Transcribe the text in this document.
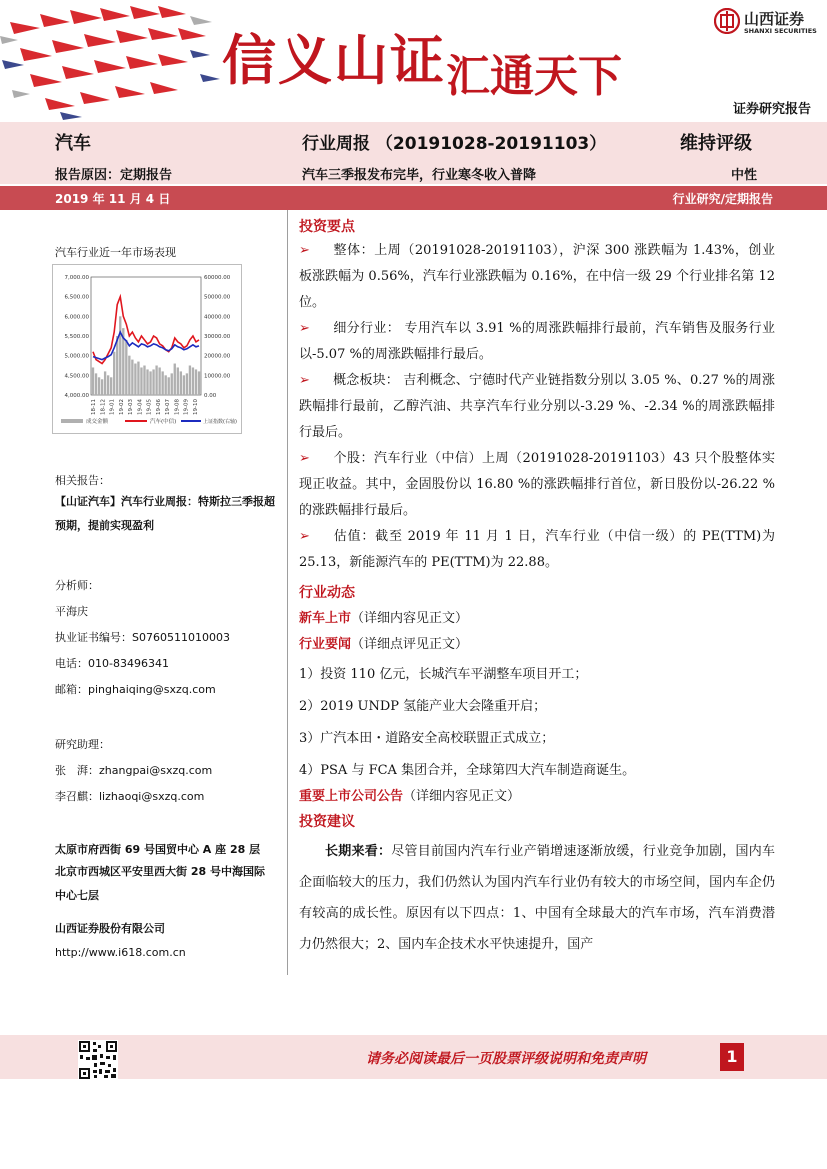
信义山证汇通天下
山西证券
SHANXI SECURITIES
证券研究报告
汽车	行业周报 （20191028-20191103）	维持评级
报告原因：定期报告	汽车三季报发布完毕，行业寒冬收入普降	中性
2019 年 11 月 4 日	行业研究/定期报告
汽车行业近一年市场表现
7,000.00
6,500.00
6,000.00
5,500.00
5,000.00
4,500.00
4,000.00
60000.00
50000.00
40000.00
30000.00
20000.00
10000.00
0.00
18-11 18-12 19-01 19-02 19-03 19-04 19-05 19-06 19-07 19-08 19-09 19-10
成交金额	汽车(中信)	上证指数(右轴)
相关报告：
【山证汽车】汽车行业周报：特斯拉三季报超预期，提前实现盈利
分析师：
平海庆
执业证书编号：S0760511010003
电话：010-83496341
邮箱：pinghaiqing@sxzq.com
研究助理：
张　湃：zhangpai@sxzq.com
李召麒：lizhaoqi@sxzq.com
太原市府西街 69 号国贸中心 A 座 28 层
北京市西城区平安里西大街 28 号中海国际中心七层
山西证券股份有限公司
http://www.i618.com.cn
投资要点
➢ 整体：上周（20191028-20191103），沪深 300 涨跌幅为 1.43%，创业板涨跌幅为 0.56%，汽车行业涨跌幅为 0.16%，在中信一级 29 个行业排名第 12 位。
➢ 细分行业： 专用汽车以 3.91 %的周涨跌幅排行最前，汽车销售及服务行业以-5.07 %的周涨跌幅排行最后。
➢ 概念板块： 吉利概念、宁德时代产业链指数分别以 3.05 %、0.27 %的周涨跌幅排行最前，乙醇汽油、共享汽车行业分别以-3.29 %、-2.34 %的周涨跌幅排行最后。
➢ 个股：汽车行业（中信）上周（20191028-20191103）43 只个股整体实现正收益。其中，金固股份以 16.80 %的涨跌幅排行首位，新日股份以-26.22 %的涨跌幅排行最后。
➢ 估值：截至 2019 年 11 月 1 日，汽车行业（中信一级）的 PE(TTM)为 25.13，新能源汽车的 PE(TTM)为 22.88。
行业动态
新车上市（详细内容见正文）
行业要闻（详细点评见正文）
1）投资 110 亿元，长城汽车平湖整车项目开工；
2）2019 UNDP 氢能产业大会隆重开启；
3）广汽本田・道路安全高校联盟正式成立；
4）PSA 与 FCA 集团合并，全球第四大汽车制造商诞生。
重要上市公司公告（详细内容见正文）
投资建议
长期来看：尽管目前国内汽车行业产销增速逐渐放缓，行业竞争加剧，国内车企面临较大的压力，我们仍然认为国内汽车行业仍有较大的市场空间，国内车企仍有较高的成长性。原因有以下四点：1、中国有全球最大的汽车市场，汽车消费潜力仍然很大；2、国内车企技术水平快速提升，国产
请务必阅读最后一页股票评级说明和免责声明	1
